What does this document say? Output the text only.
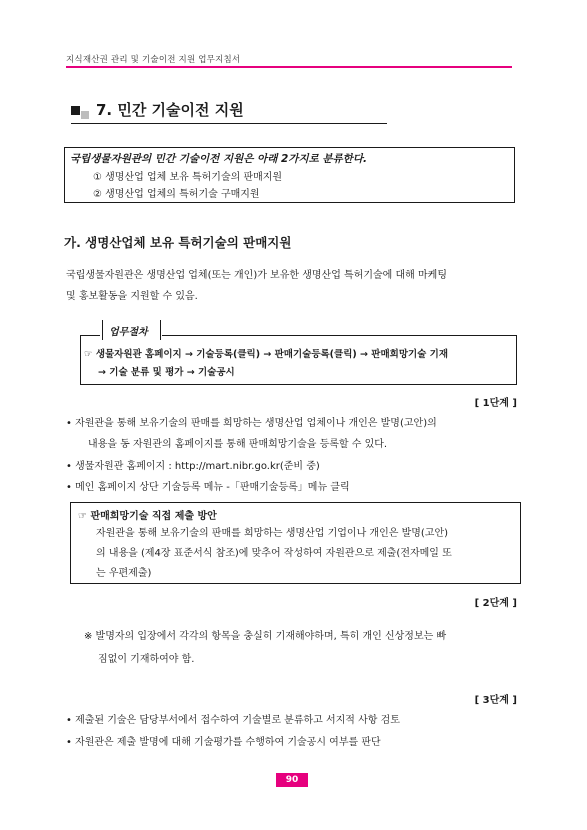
지식재산권 관리 및 기술이전 지원 업무지침서
7. 민간 기술이전 지원
국립생물자원관의 민간 기술이전 지원은 아래 2가지로 분류한다.
① 생명산업 업체 보유 특허기술의 판매지원
② 생명산업 업체의 특허기술 구매지원
가. 생명산업체 보유 특허기술의 판매지원
국립생물자원관은 생명산업 업체(또는 개인)가 보유한 생명산업 특허기술에 대해 마케팅
및 홍보활동을 지원할 수 있음.
업무절차
☞ 생물자원관 홈페이지 → 기술등록(클릭) → 판매기술등록(클릭) → 판매희망기술 기재
→ 기술 분류 및 평가 → 기술공시
[ 1단계 ]
• 자원관을 통해 보유기술의 판매를 희망하는 생명산업 업체이나 개인은 발명(고안)의
내용을 동 자원관의 홈페이지를 통해 판매희망기술을 등록할 수 있다.
• 생물자원관 홈페이지 : http://mart.nibr.go.kr(준비 중)
• 메인 홈페이지 상단 기술등록 메뉴 -「판매기술등록」메뉴 클릭
☞ 판매희망기술 직접 제출 방안
자원관을 통해 보유기술의 판매를 희망하는 생명산업 기업이나 개인은 발명(고안)
의 내용을 (제4장 표준서식 참조)에 맞추어 작성하여 자원관으로 제출(전자메일 또
는 우편제출)
[ 2단계 ]
※ 발명자의 입장에서 각각의 항목을 충실히 기재해야하며, 특히 개인 신상정보는 빠
짐없이 기재하여야 함.
[ 3단계 ]
• 제출된 기술은 담당부서에서 접수하여 기술별로 분류하고 서지적 사항 검토
• 자원관은 제출 발명에 대해 기술평가를 수행하여 기술공시 여부를 판단
90
